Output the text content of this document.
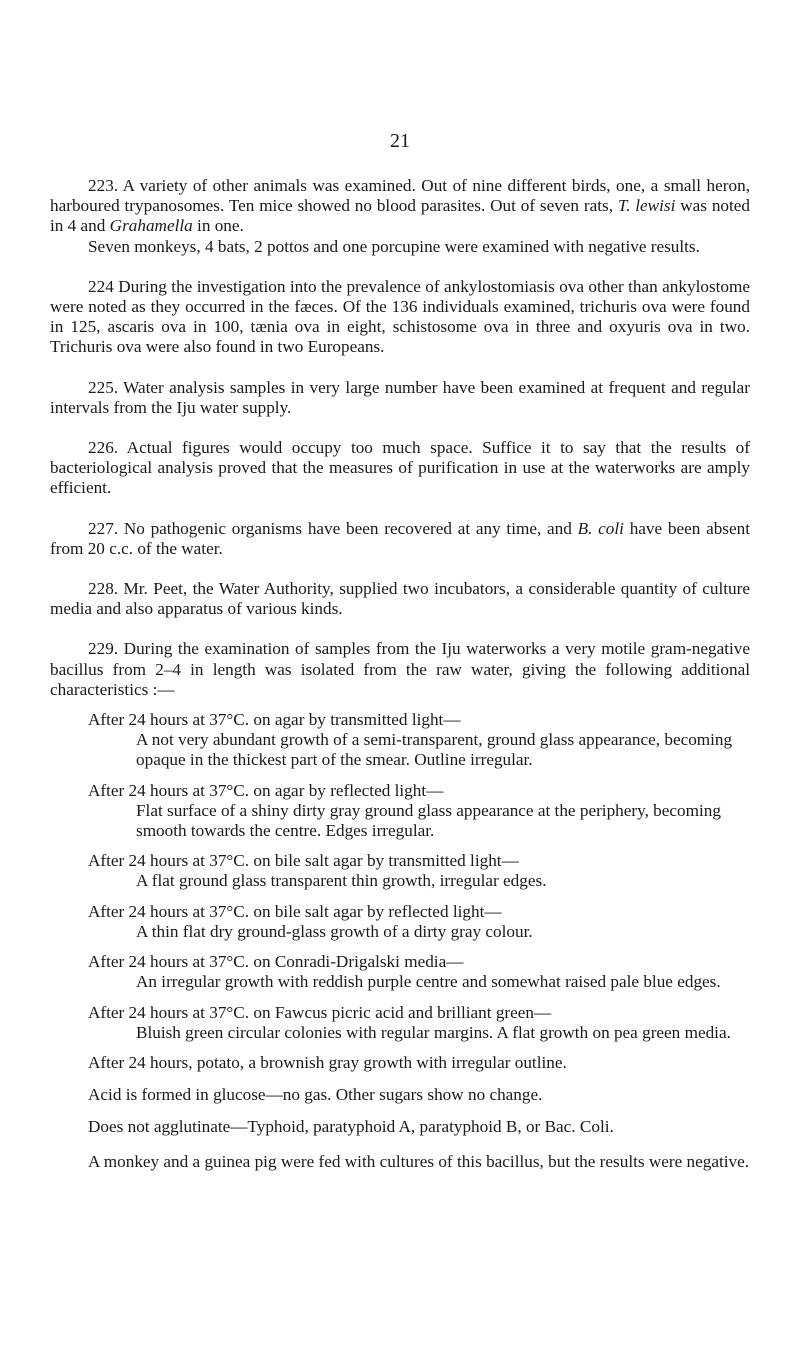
21

223. A variety of other animals was examined. Out of nine different birds, one, a small heron, harboured trypanosomes. Ten mice showed no blood parasites. Out of seven rats, T. lewisi was noted in 4 and Grahamella in one.

Seven monkeys, 4 bats, 2 pottos and one porcupine were examined with negative results.

224 During the investigation into the prevalence of ankylostomiasis ova other than ankylostome were noted as they occurred in the fæces. Of the 136 individuals examined, trichuris ova were found in 125, ascaris ova in 100, tænia ova in eight, schistosome ova in three and oxyuris ova in two. Trichuris ova were also found in two Europeans.

225. Water analysis samples in very large number have been examined at frequent and regular intervals from the Iju water supply.

226. Actual figures would occupy too much space. Suffice it to say that the results of bacteriological analysis proved that the measures of purification in use at the waterworks are amply efficient.

227. No pathogenic organisms have been recovered at any time, and B. coli have been absent from 20 c.c. of the water.

228. Mr. Peet, the Water Authority, supplied two incubators, a considerable quantity of culture media and also apparatus of various kinds.

229. During the examination of samples from the Iju waterworks a very motile gram-negative bacillus from 2–4 in length was isolated from the raw water, giving the following additional characteristics :—

After 24 hours at 37°C. on agar by transmitted light—
A not very abundant growth of a semi-transparent, ground glass appearance, becoming opaque in the thickest part of the smear. Outline irregular.
After 24 hours at 37°C. on agar by reflected light—
Flat surface of a shiny dirty gray ground glass appearance at the periphery, becoming smooth towards the centre. Edges irregular.
After 24 hours at 37°C. on bile salt agar by transmitted light—
A flat ground glass transparent thin growth, irregular edges.
After 24 hours at 37°C. on bile salt agar by reflected light—
A thin flat dry ground-glass growth of a dirty gray colour.
After 24 hours at 37°C. on Conradi-Drigalski media—
An irregular growth with reddish purple centre and somewhat raised pale blue edges.
After 24 hours at 37°C. on Fawcus picric acid and brilliant green—
Bluish green circular colonies with regular margins. A flat growth on pea green media.
After 24 hours, potato, a brownish gray growth with irregular outline.
Acid is formed in glucose—no gas. Other sugars show no change.
Does not agglutinate—Typhoid, paratyphoid A, paratyphoid B, or Bac. Coli.

A monkey and a guinea pig were fed with cultures of this bacillus, but the results were negative.
